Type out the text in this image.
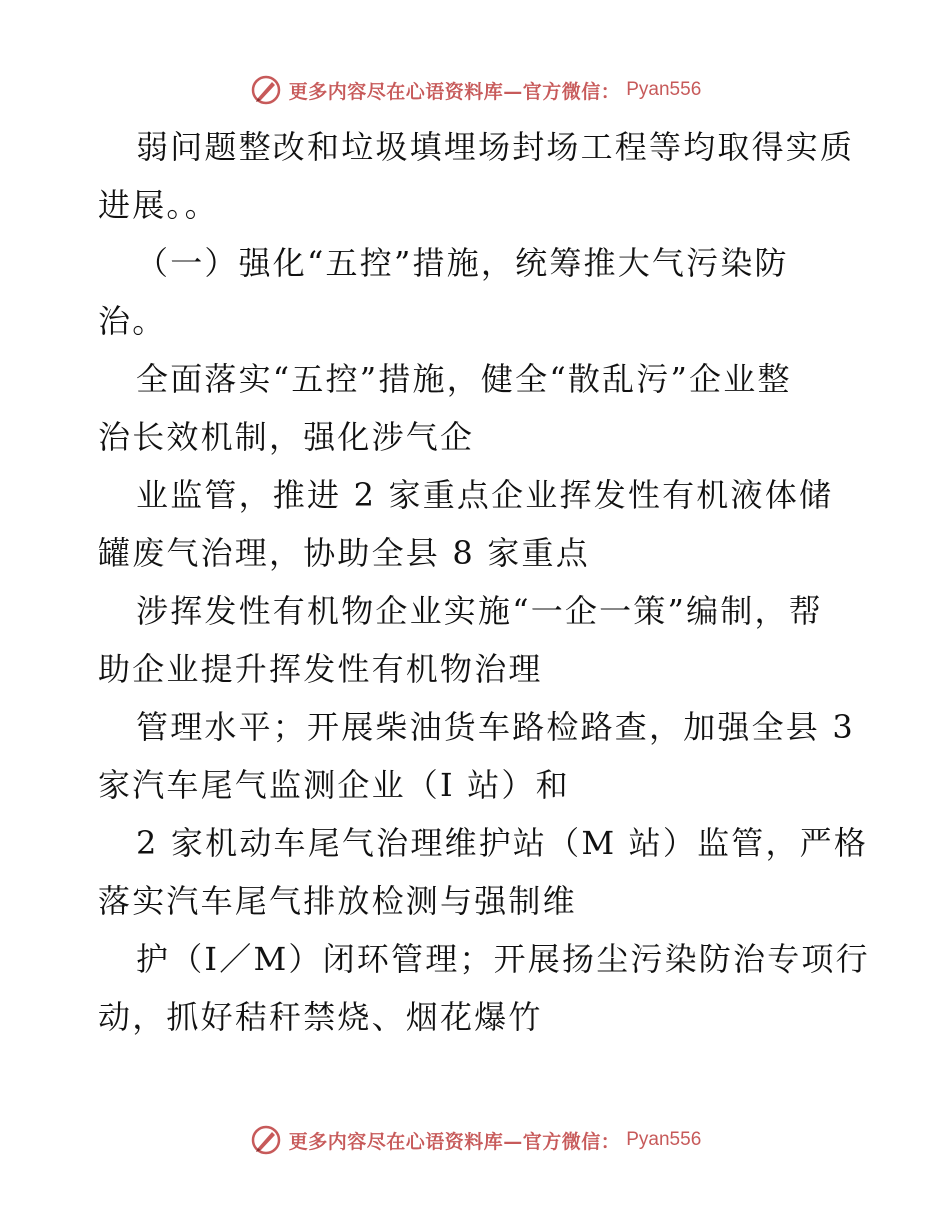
更多内容尽在心语资料库—官方微信： Pyan556
弱问题整改和垃圾填埋场封场工程等均取得实质
进展。。
（一）强化“五控”措施，统筹推大气污染防
治。
全面落实“五控”措施，健全“散乱污”企业整
治长效机制，强化涉气企
业监管，推进 2 家重点企业挥发性有机液体储
罐废气治理，协助全县 8 家重点
涉挥发性有机物企业实施“一企一策”编制，帮
助企业提升挥发性有机物治理
管理水平；开展柴油货车路检路查，加强全县 3
家汽车尾气监测企业（I 站）和
2 家机动车尾气治理维护站（M 站）监管，严格
落实汽车尾气排放检测与强制维
护（I／M）闭环管理；开展扬尘污染防治专项行
动，抓好秸秆禁烧、烟花爆竹
更多内容尽在心语资料库—官方微信： Pyan556
